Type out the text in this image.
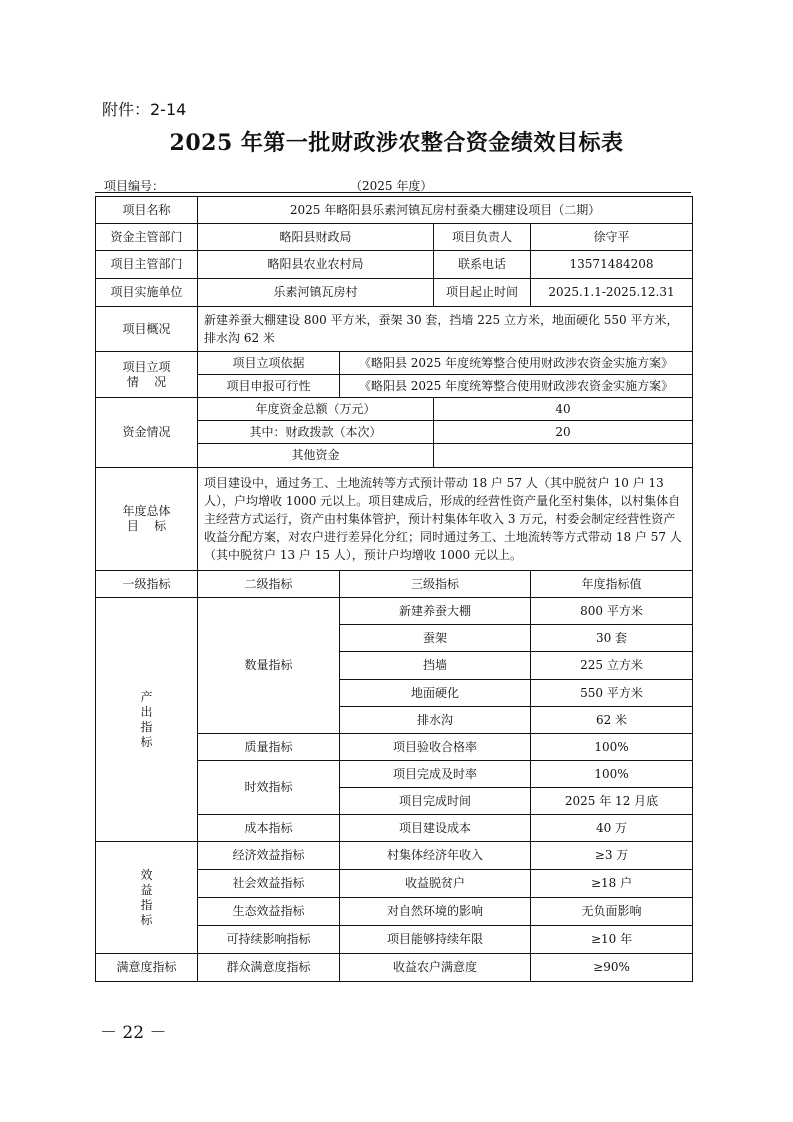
附件：2-14
2025 年第一批财政涉农整合资金绩效目标表
项目编号：	（2025 年度）
项目名称	2025 年略阳县乐素河镇瓦房村蚕桑大棚建设项目（二期）			
资金主管部门	略阳县财政局		项目负责人	徐守平
项目主管部门	略阳县农业农村局		联系电话	13571484208
项目实施单位	乐素河镇瓦房村		项目起止时间	2025.1.1-2025.12.31
项目概况	新建养蚕大棚建设 800 平方米，蚕架 30 套，挡墙 225 立方米，地面硬化 550 平方米，排水沟 62 米			

项目立项
情    况	项目立项依据	《略阳县 2025 年度统筹整合使用财政涉农资金实施方案》		
	项目申报可行性	《略阳县 2025 年度统筹整合使用财政涉农资金实施方案》		
资金情况	年度资金总额（万元）		40	
	其中：财政拨款（本次）		20	
	其他资金			

年度总体
目    标	项目建设中，通过务工、土地流转等方式预计带动 18 户 57 人（其中脱贫户 10 户 13 人），户均增收 1000 元以上。项目建成后，形成的经营性资产量化至村集体，以村集体自主经营方式运行，资产由村集体管护，预计村集体年收入 3 万元，村委会制定经营性资产收益分配方案，对农户进行差异化分红；同时通过务工、土地流转等方式带动 18 户 57 人（其中脱贫户 13 户 15 人），预计户均增收 1000 元以上。			
一级指标	二级指标	三级指标		年度指标值

产
出
指
标	数量指标	新建养蚕大棚		800 平方米
		蚕架		30 套
		挡墙		225 立方米
		地面硬化		550 平方米
		排水沟		62 米
	质量指标	项目验收合格率		100%
	时效指标	项目完成及时率		100%
		项目完成时间		2025 年 12 月底
	成本指标	项目建设成本		40 万

效
益
指
标	经济效益指标	村集体经济年收入		≥3 万
	社会效益指标	收益脱贫户		≥18 户
	生态效益指标	对自然环境的影响		无负面影响
	可持续影响指标	项目能够持续年限		≥10 年
满意度指标	群众满意度指标	收益农户满意度		≥90%
－ 22 －
